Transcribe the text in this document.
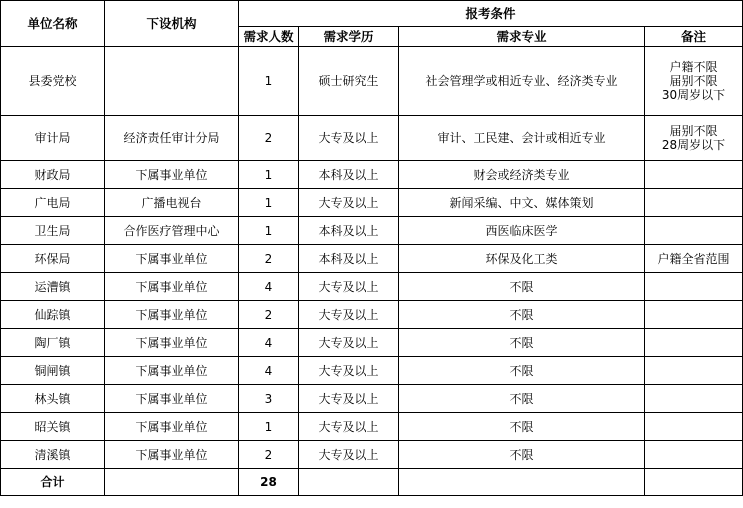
单位名称	下设机构	报考条件			
		需求人数	需求学历	需求专业	备注
县委党校		1	硕士研究生	社会管理学或相近专业、经济类专业	户籍不限
届别不限
30周岁以下

审计局	经济责任审计分局	2	大专及以上	审计、工民建、会计或相近专业	届别不限
28周岁以下

财政局	下属事业单位	1	本科及以上	财会或经济类专业	
广电局	广播电视台	1	大专及以上	新闻采编、中文、媒体策划	
卫生局	合作医疗管理中心	1	本科及以上	西医临床医学	
环保局	下属事业单位	2	本科及以上	环保及化工类	户籍全省范围

运漕镇	下属事业单位	4	大专及以上	不限	
仙踪镇	下属事业单位	2	大专及以上	不限	
陶厂镇	下属事业单位	4	大专及以上	不限	
铜闸镇	下属事业单位	4	大专及以上	不限	
林头镇	下属事业单位	3	大专及以上	不限	
昭关镇	下属事业单位	1	大专及以上	不限	
清溪镇	下属事业单位	2	大专及以上	不限	
合计		28			
